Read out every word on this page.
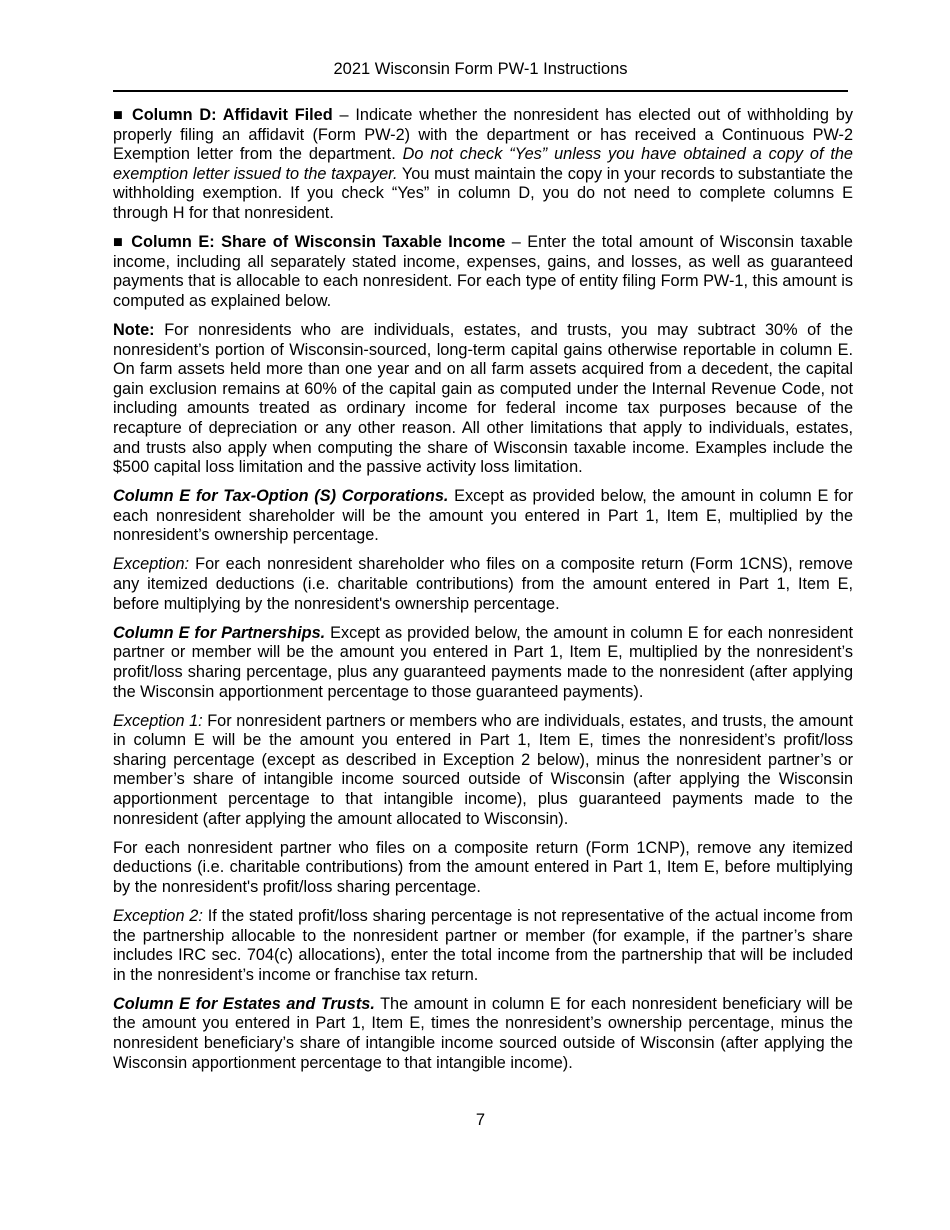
2021 Wisconsin Form PW-1 Instructions

■ Column D: Affidavit Filed – Indicate whether the nonresident has elected out of withholding by properly filing an affidavit (Form PW-2) with the department or has received a Continuous PW-2 Exemption letter from the department. Do not check “Yes” unless you have obtained a copy of the exemption letter issued to the taxpayer. You must maintain the copy in your records to substantiate the withholding exemption. If you check “Yes” in column D, you do not need to complete columns E through H for that nonresident.

■ Column E: Share of Wisconsin Taxable Income – Enter the total amount of Wisconsin taxable income, including all separately stated income, expenses, gains, and losses, as well as guaranteed payments that is allocable to each nonresident. For each type of entity filing Form PW-1, this amount is computed as explained below.

Note: For nonresidents who are individuals, estates, and trusts, you may subtract 30% of the nonresident’s portion of Wisconsin-sourced, long-term capital gains otherwise reportable in column E. On farm assets held more than one year and on all farm assets acquired from a decedent, the capital gain exclusion remains at 60% of the capital gain as computed under the Internal Revenue Code, not including amounts treated as ordinary income for federal income tax purposes because of the recapture of depreciation or any other reason. All other limitations that apply to individuals, estates, and trusts also apply when computing the share of Wisconsin taxable income. Examples include the $500 capital loss limitation and the passive activity loss limitation.

Column E for Tax-Option (S) Corporations. Except as provided below, the amount in column E for each nonresident shareholder will be the amount you entered in Part 1, Item E, multiplied by the nonresident’s ownership percentage.

Exception: For each nonresident shareholder who files on a composite return (Form 1CNS), remove any itemized deductions (i.e. charitable contributions) from the amount entered in Part 1, Item E, before multiplying by the nonresident's ownership percentage.

Column E for Partnerships. Except as provided below, the amount in column E for each nonresident partner or member will be the amount you entered in Part 1, Item E, multiplied by the nonresident’s profit/loss sharing percentage, plus any guaranteed payments made to the nonresident (after applying the Wisconsin apportionment percentage to those guaranteed payments).

Exception 1: For nonresident partners or members who are individuals, estates, and trusts, the amount in column E will be the amount you entered in Part 1, Item E, times the nonresident’s profit/loss sharing percentage (except as described in Exception 2 below), minus the nonresident partner’s or member’s share of intangible income sourced outside of Wisconsin (after applying the Wisconsin apportionment percentage to that intangible income), plus guaranteed payments made to the nonresident (after applying the amount allocated to Wisconsin).

For each nonresident partner who files on a composite return (Form 1CNP), remove any itemized deductions (i.e. charitable contributions) from the amount entered in Part 1, Item E, before multiplying by the nonresident's profit/loss sharing percentage.

Exception 2: If the stated profit/loss sharing percentage is not representative of the actual income from the partnership allocable to the nonresident partner or member (for example, if the partner’s share includes IRC sec. 704(c) allocations), enter the total income from the partnership that will be included in the nonresident’s income or franchise tax return.

Column E for Estates and Trusts. The amount in column E for each nonresident beneficiary will be the amount you entered in Part 1, Item E, times the nonresident’s ownership percentage, minus the nonresident beneficiary’s share of intangible income sourced outside of Wisconsin (after applying the Wisconsin apportionment percentage to that intangible income).

7
